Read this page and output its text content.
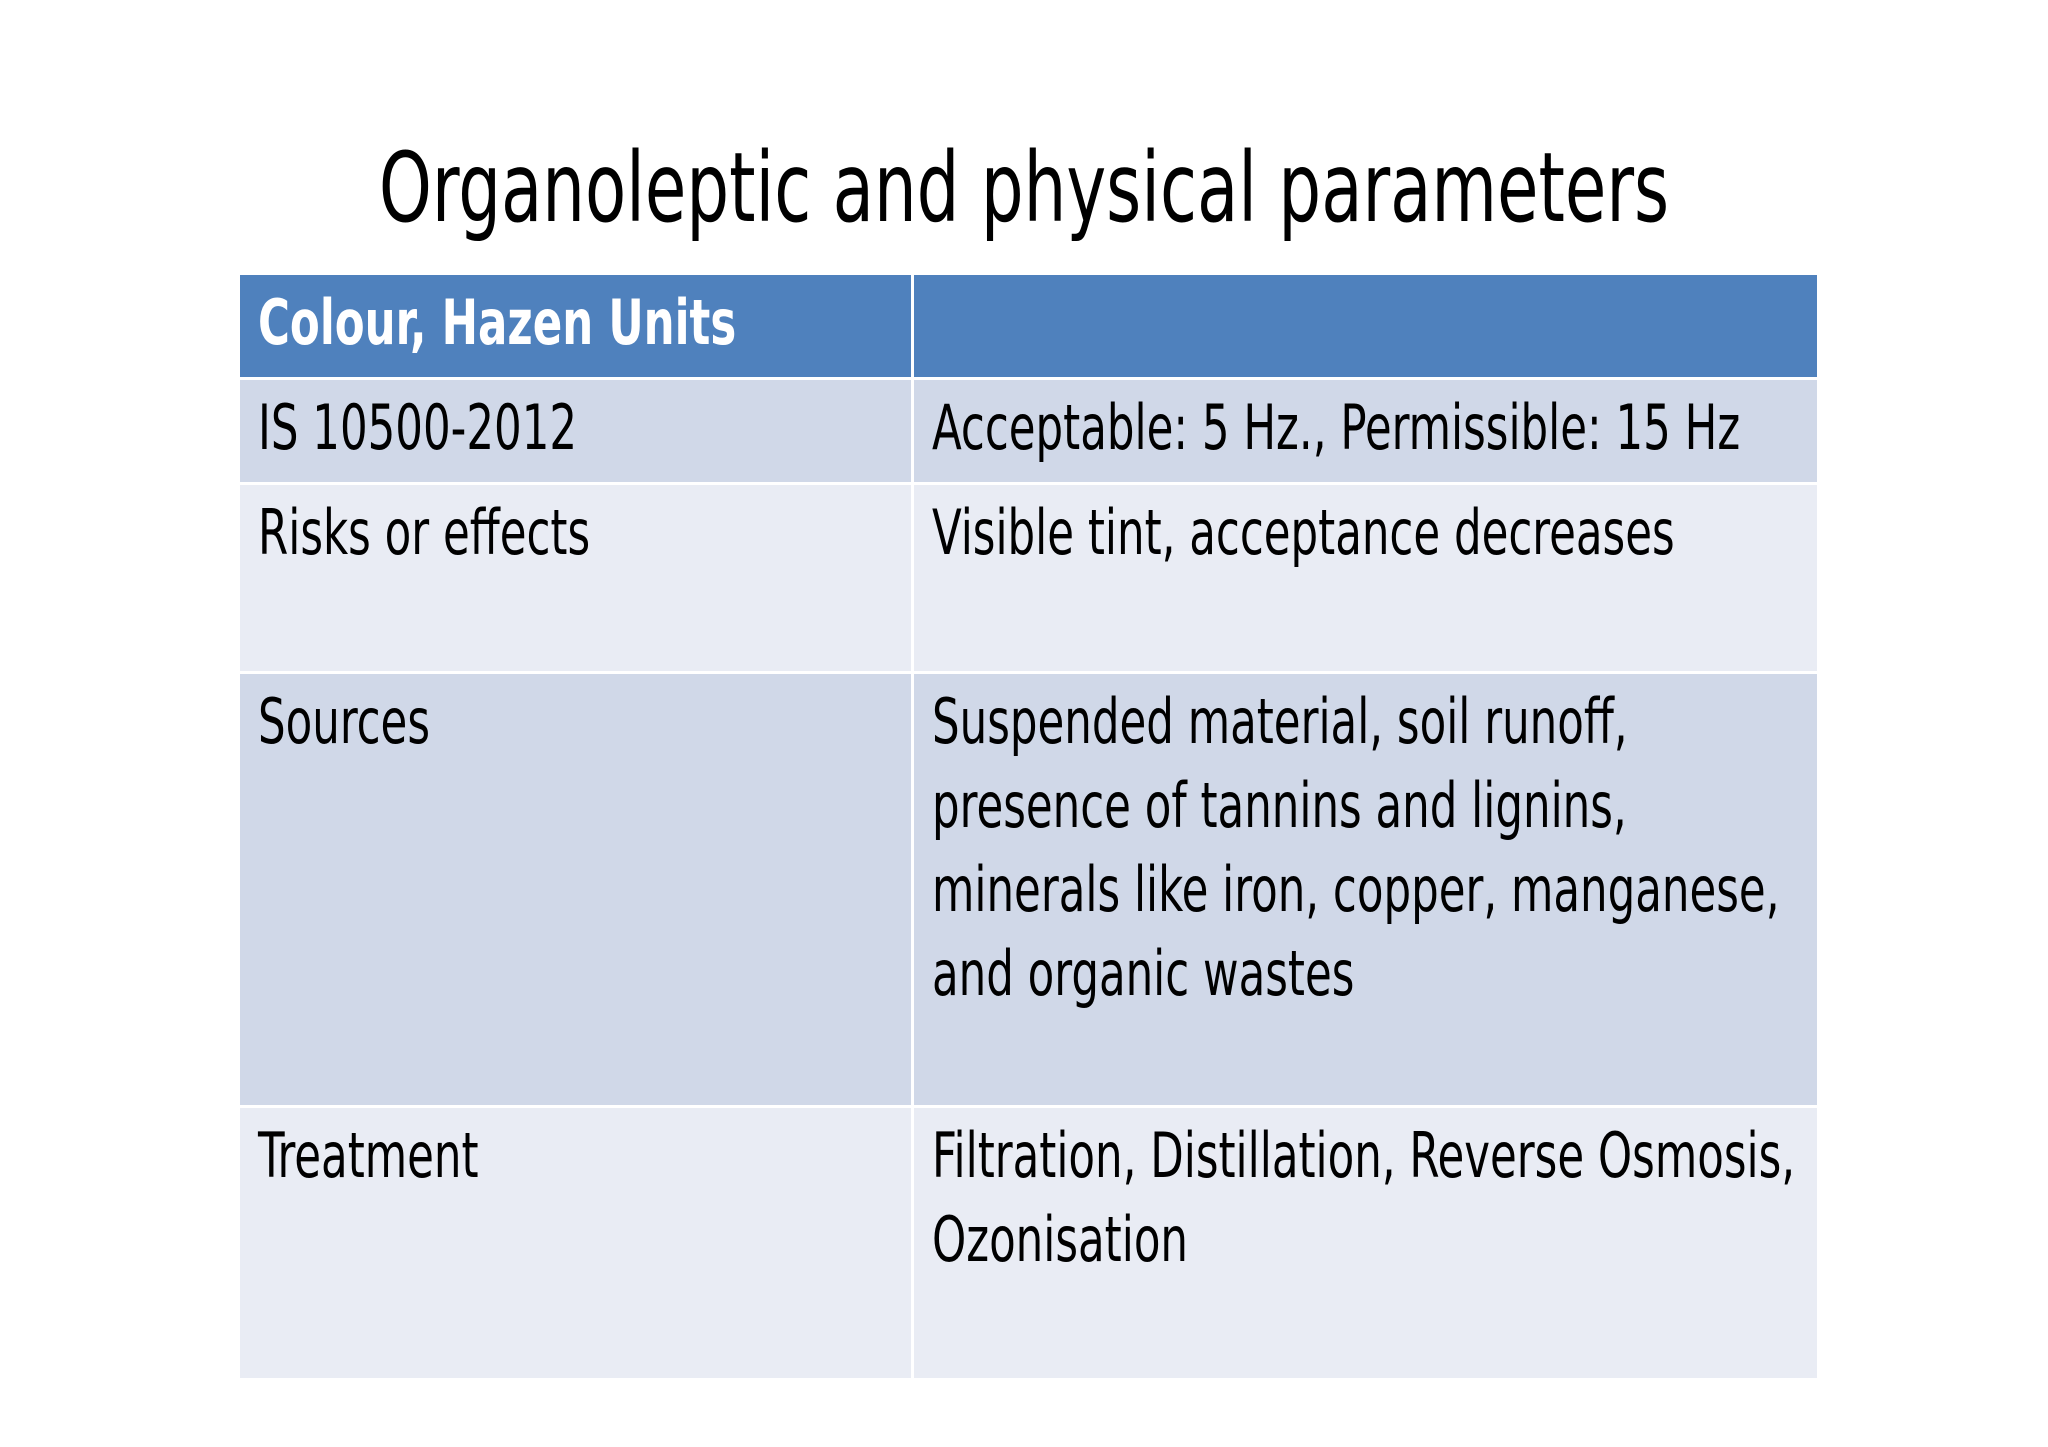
Organoleptic and physical parameters
Colour, Hazen Units	

IS 10500-2012	Acceptable: 5 Hz., Permissible: 15 Hz

Risks or effects	Visible tint, acceptance decreases

Sources	Suspended material, soil runoff, presence of tannins and lignins, minerals like iron, copper, manganese, and organic wastes

Treatment	Filtration, Distillation, Reverse Osmosis, Ozonisation
